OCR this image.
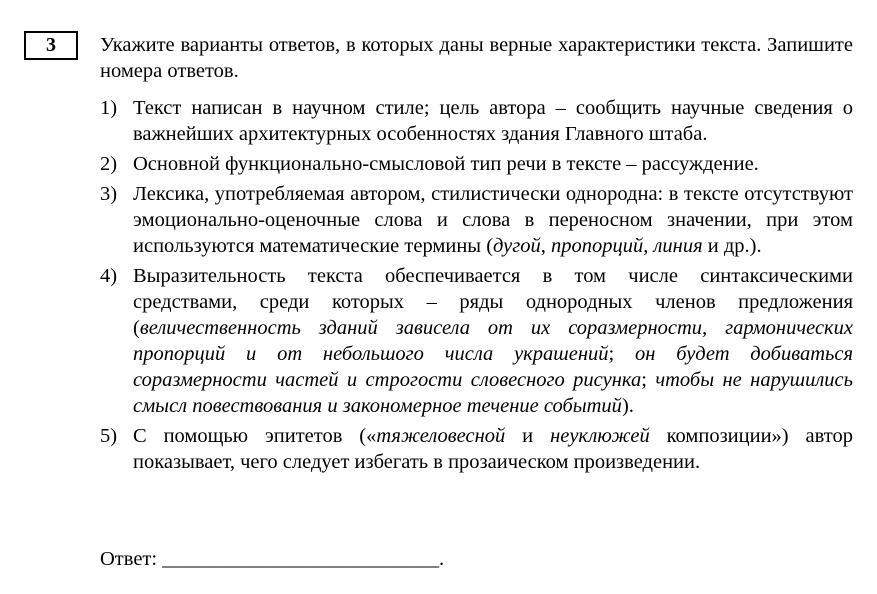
3	Укажите варианты ответов, в которых даны верные характеристики текста. Запишите номера ответов.

1) Текст написан в научном стиле; цель автора – сообщить научные сведения о важнейших архитектурных особенностях здания Главного штаба.
2) Основной функционально-смысловой тип речи в тексте – рассуждение.
3) Лексика, употребляемая автором, стилистически однородна: в тексте отсутствуют эмоционально-оценочные слова и слова в переносном значении, при этом используются математические термины (дугой, пропорций, линия и др.).
4) Выразительность текста обеспечивается в том числе синтаксическими средствами, среди которых – ряды однородных членов предложения (величественность зданий зависела от их соразмерности, гармонических пропорций и от небольшого числа украшений; он будет добиваться соразмерности частей и строгости словесного рисунка; чтобы не нарушились смысл повествования и закономерное течение событий).
5) С помощью эпитетов («тяжеловесной и неуклюжей композиции») автор показывает, чего следует избегать в прозаическом произведении.
Ответ: ___________________________.
